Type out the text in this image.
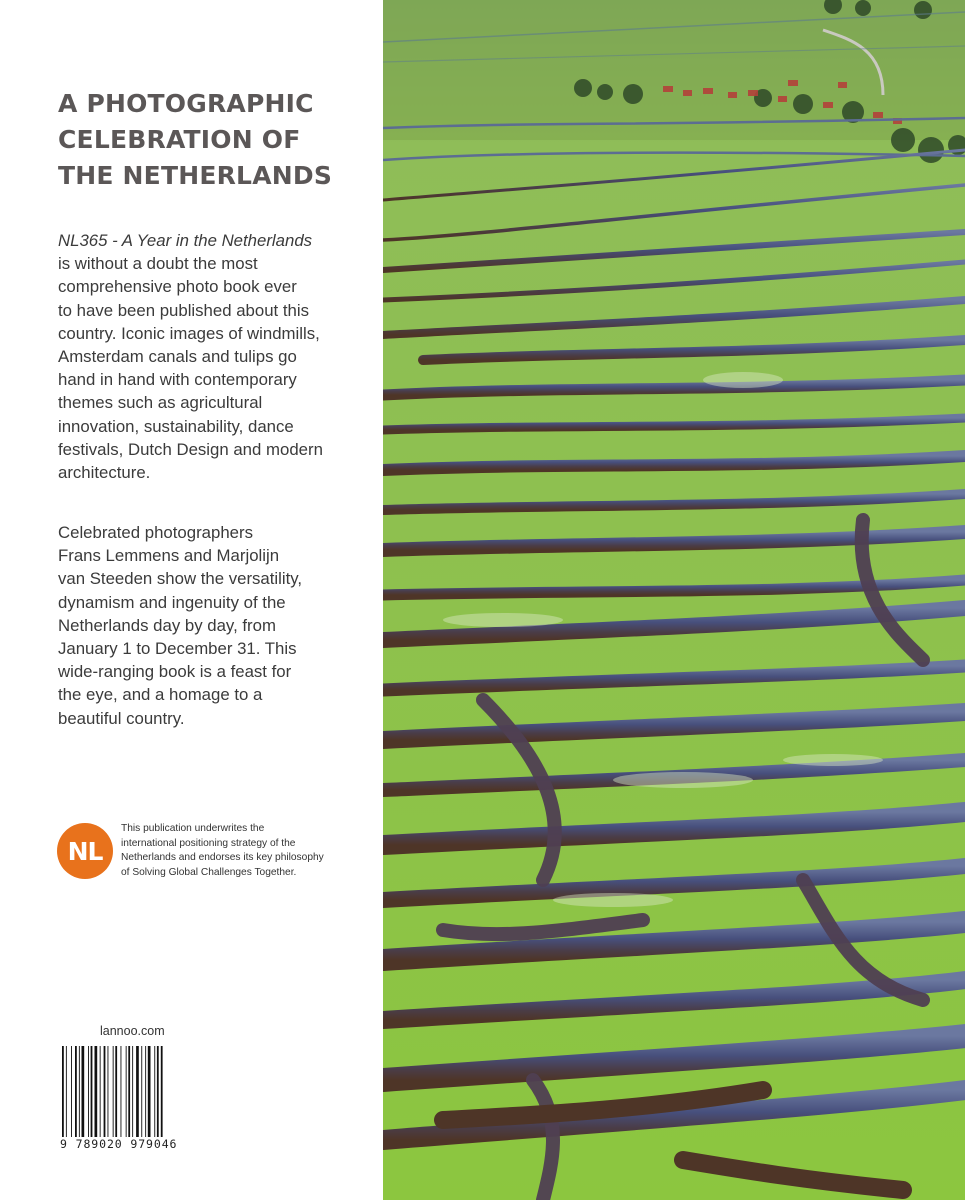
A PHOTOGRAPHIC
CELEBRATION OF
THE NETHERLANDS

NL365 - A Year in the Netherlands
is without a doubt the most
comprehensive photo book ever
to have been published about this
country. Iconic images of windmills,
Amsterdam canals and tulips go
hand in hand with contemporary
themes such as agricultural
innovation, sustainability, dance
festivals, Dutch Design and modern
architecture.

Celebrated photographers
Frans Lemmens and Marjolijn
van Steeden show the versatility,
dynamism and ingenuity of the
Netherlands day by day, from
January 1 to December 31. This
wide-ranging book is a feast for
the eye, and a homage to a
beautiful country.

NL

This publication underwrites the
international positioning strategy of the
Netherlands and endorses its key philosophy
of Solving Global Challenges Together.

lannoo.com
9 789020 979046
